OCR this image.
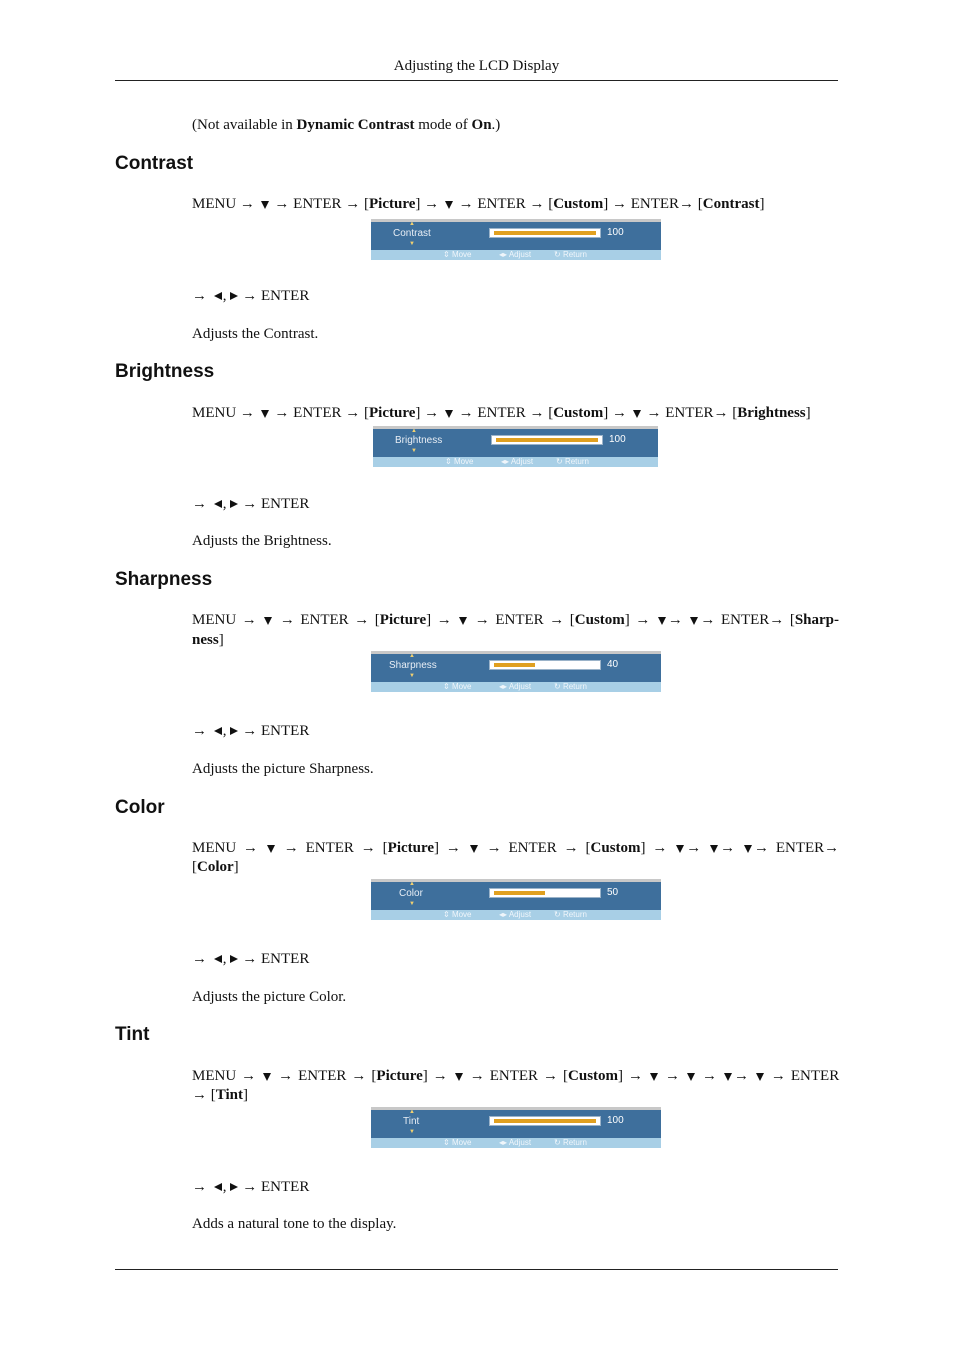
Adjusting the LCD Display
(Not available in Dynamic Contrast mode of On.)
Contrast
MENU → → ENTER → [Picture] → → ENTER → [Custom] → ENTER→ [Contrast]
▲
▼
Contrast	100
⇕ Move	◂▸ Adjust	↻ Return
→ , → ENTER
Adjusts the Contrast.
Brightness
MENU → → ENTER → [Picture] → → ENTER → [Custom] → → ENTER→ [Brightness]
▲
▼
Brightness	100
⇕ Move	◂▸ Adjust	↻ Return
→ , → ENTER
Adjusts the Brightness.
Sharpness
MENU → → ENTER → [Picture] → → ENTER → [Custom] → → → ENTER→ [Sharp-
ness]
▲
▼
Sharpness	40
⇕ Move	◂▸ Adjust	↻ Return
→ , → ENTER
Adjusts the picture Sharpness.
Color
MENU → → ENTER → [Picture] → → ENTER → [Custom] → → → → ENTER→
[Color]
▲
▼
Color	50
⇕ Move	◂▸ Adjust	↻ Return
→ , → ENTER
Adjusts the picture Color.
Tint
MENU → → ENTER → [Picture] → → ENTER → [Custom] → → → → → ENTER
→ [Tint]
▲
▼
Tint	100
⇕ Move	◂▸ Adjust	↻ Return
→ , → ENTER
Adds a natural tone to the display.
